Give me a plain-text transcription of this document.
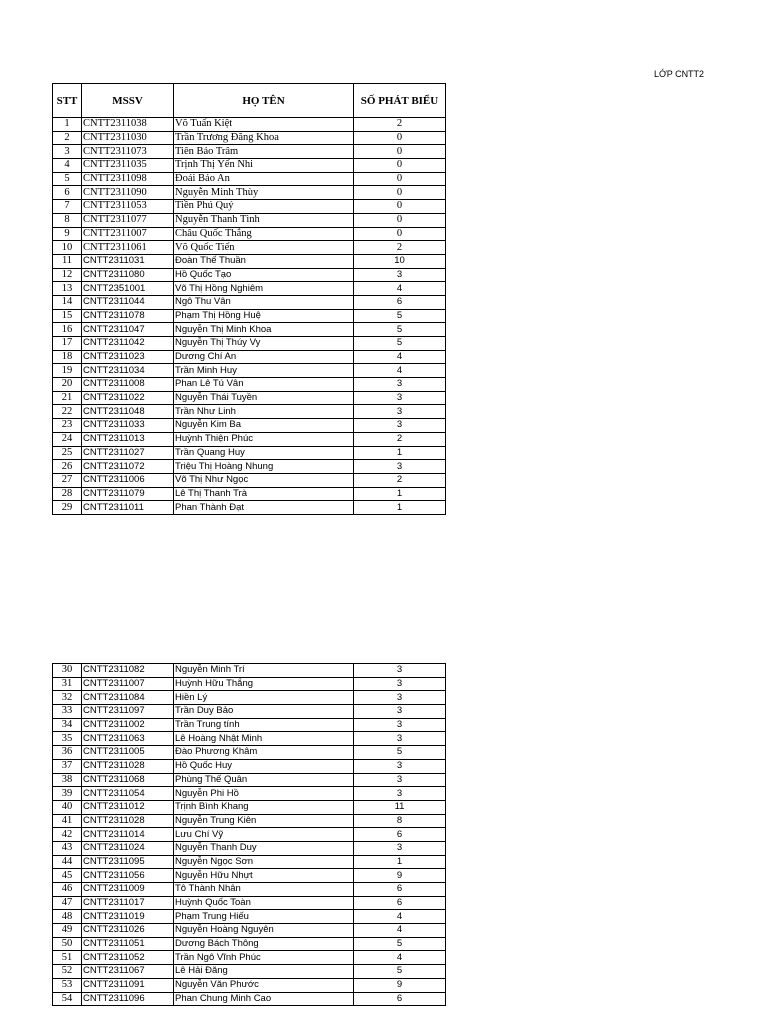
LỚP CNTT2
STT	MSSV	HỌ TÊN	SỐ PHÁT BIỂU
1	CNTT2311038	Võ Tuấn Kiệt	2
2	CNTT2311030	Trần Trương Đăng Khoa	0
3	CNTT2311073	Tiên Bảo Trâm	0
4	CNTT2311035	Trịnh Thị Yến Nhi	0
5	CNTT2311098	Đoái Bảo An	0
6	CNTT2311090	Nguyễn Minh Thùy	0
7	CNTT2311053	Tiền Phú Quý	0
8	CNTT2311077	Nguyễn Thanh Tình	0
9	CNTT2311007	Châu Quốc Thắng	0
10	CNTT2311061	Võ Quốc Tiến	2
11	CNTT2311031	Đoàn Thế Thuần	10
12	CNTT2311080	Hồ Quốc Tạo	3
13	CNTT2351001	Võ Thị Hồng Nghiêm	4
14	CNTT2311044	Ngô Thu Vân	6
15	CNTT2311078	Phạm Thị Hồng Huệ	5
16	CNTT2311047	Nguyễn Thị Minh Khoa	5
17	CNTT2311042	Nguyễn Thị Thúy Vy	5
18	CNTT2311023	Dương Chí An	4
19	CNTT2311034	Trần Minh Huy	4
20	CNTT2311008	Phan Lê Tú Vân	3
21	CNTT2311022	Nguyễn Thái Tuyền	3
22	CNTT2311048	Trần Như Linh	3
23	CNTT2311033	Nguyễn Kim Ba	3
24	CNTT2311013	Huỳnh Thiện Phúc	2
25	CNTT2311027	Trần Quang Huy	1
26	CNTT2311072	Triệu Thị Hoàng Nhung	3
27	CNTT2311006	Võ Thị Như Ngọc	2
28	CNTT2311079	Lê Thị Thanh Trà	1
29	CNTT2311011	Phan Thành Đạt	1
30	CNTT2311082	Nguyễn Minh Trí	3
31	CNTT2311007	Huỳnh Hữu Thắng	3
32	CNTT2311084	Hiền Lý	3
33	CNTT2311097	Trần Duy Bảo	3
34	CNTT2311002	Trần Trung tính	3
35	CNTT2311063	Lê Hoàng Nhật Minh	3
36	CNTT2311005	Đào Phương Khâm	5
37	CNTT2311028	Hồ Quốc Huy	3
38	CNTT2311068	Phùng Thế Quân	3
39	CNTT2311054	Nguyễn Phi Hồ	3
40	CNTT2311012	Trịnh Bình Khang	11
41	CNTT2311028	Nguyễn Trung Kiên	8
42	CNTT2311014	Lưu Chí Vỹ	6
43	CNTT2311024	Nguyễn Thanh Duy	3
44	CNTT2311095	Nguyễn Ngọc Sơn	1
45	CNTT2311056	Nguyễn Hữu Nhựt	9
46	CNTT2311009	Tô Thành Nhân	6
47	CNTT2311017	Huỳnh Quốc Toàn	6
48	CNTT2311019	Phạm Trung Hiếu	4
49	CNTT2311026	Nguyễn Hoàng Nguyên	4
50	CNTT2311051	Dương Bách Thông	5
51	CNTT2311052	Trần Ngô Vĩnh Phúc	4
52	CNTT2311067	Lê Hải Đăng	5
53	CNTT2311091	Nguyễn Văn Phước	9
54	CNTT2311096	Phan Chung Minh Cao	6
